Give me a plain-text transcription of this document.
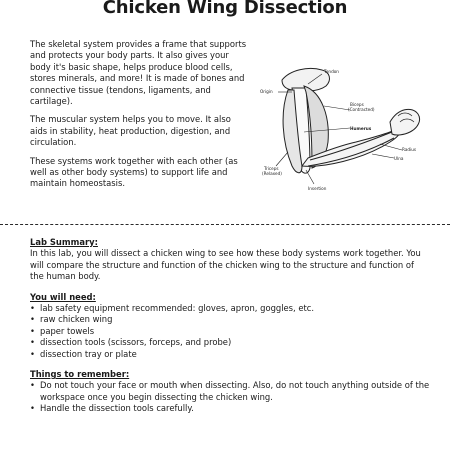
Chicken Wing Dissection

The skeletal system provides a frame that supports and protects your body parts. It also gives your body it's basic shape, helps produce blood cells, stores minerals, and more! It is made of bones and connective tissue (tendons, ligaments, and cartilage).

The muscular system helps you to move. It also aids in stability, heat production, digestion, and circulation.

These systems work together with each other (as well as other body systems) to support life and maintain homeostasis.

Tendon
Origin
Biceps
(Contracted)
Humerus
Radius
Ulna
Triceps
(Relaxed)
Insertion

Lab Summary:

In this lab, you will dissect a chicken wing to see how these body systems work together. You will compare the structure and function of the chicken wing to the structure and function of the human body.

You will need:

• lab safety equipment recommended: gloves, apron, goggles, etc.
• raw chicken wing
• paper towels
• dissection tools (scissors, forceps, and probe)
• dissection tray or plate

Things to remember:

• Do not touch your face or mouth when dissecting. Also, do not touch anything outside of the workspace once you begin dissecting the chicken wing.
• Handle the dissection tools carefully.
